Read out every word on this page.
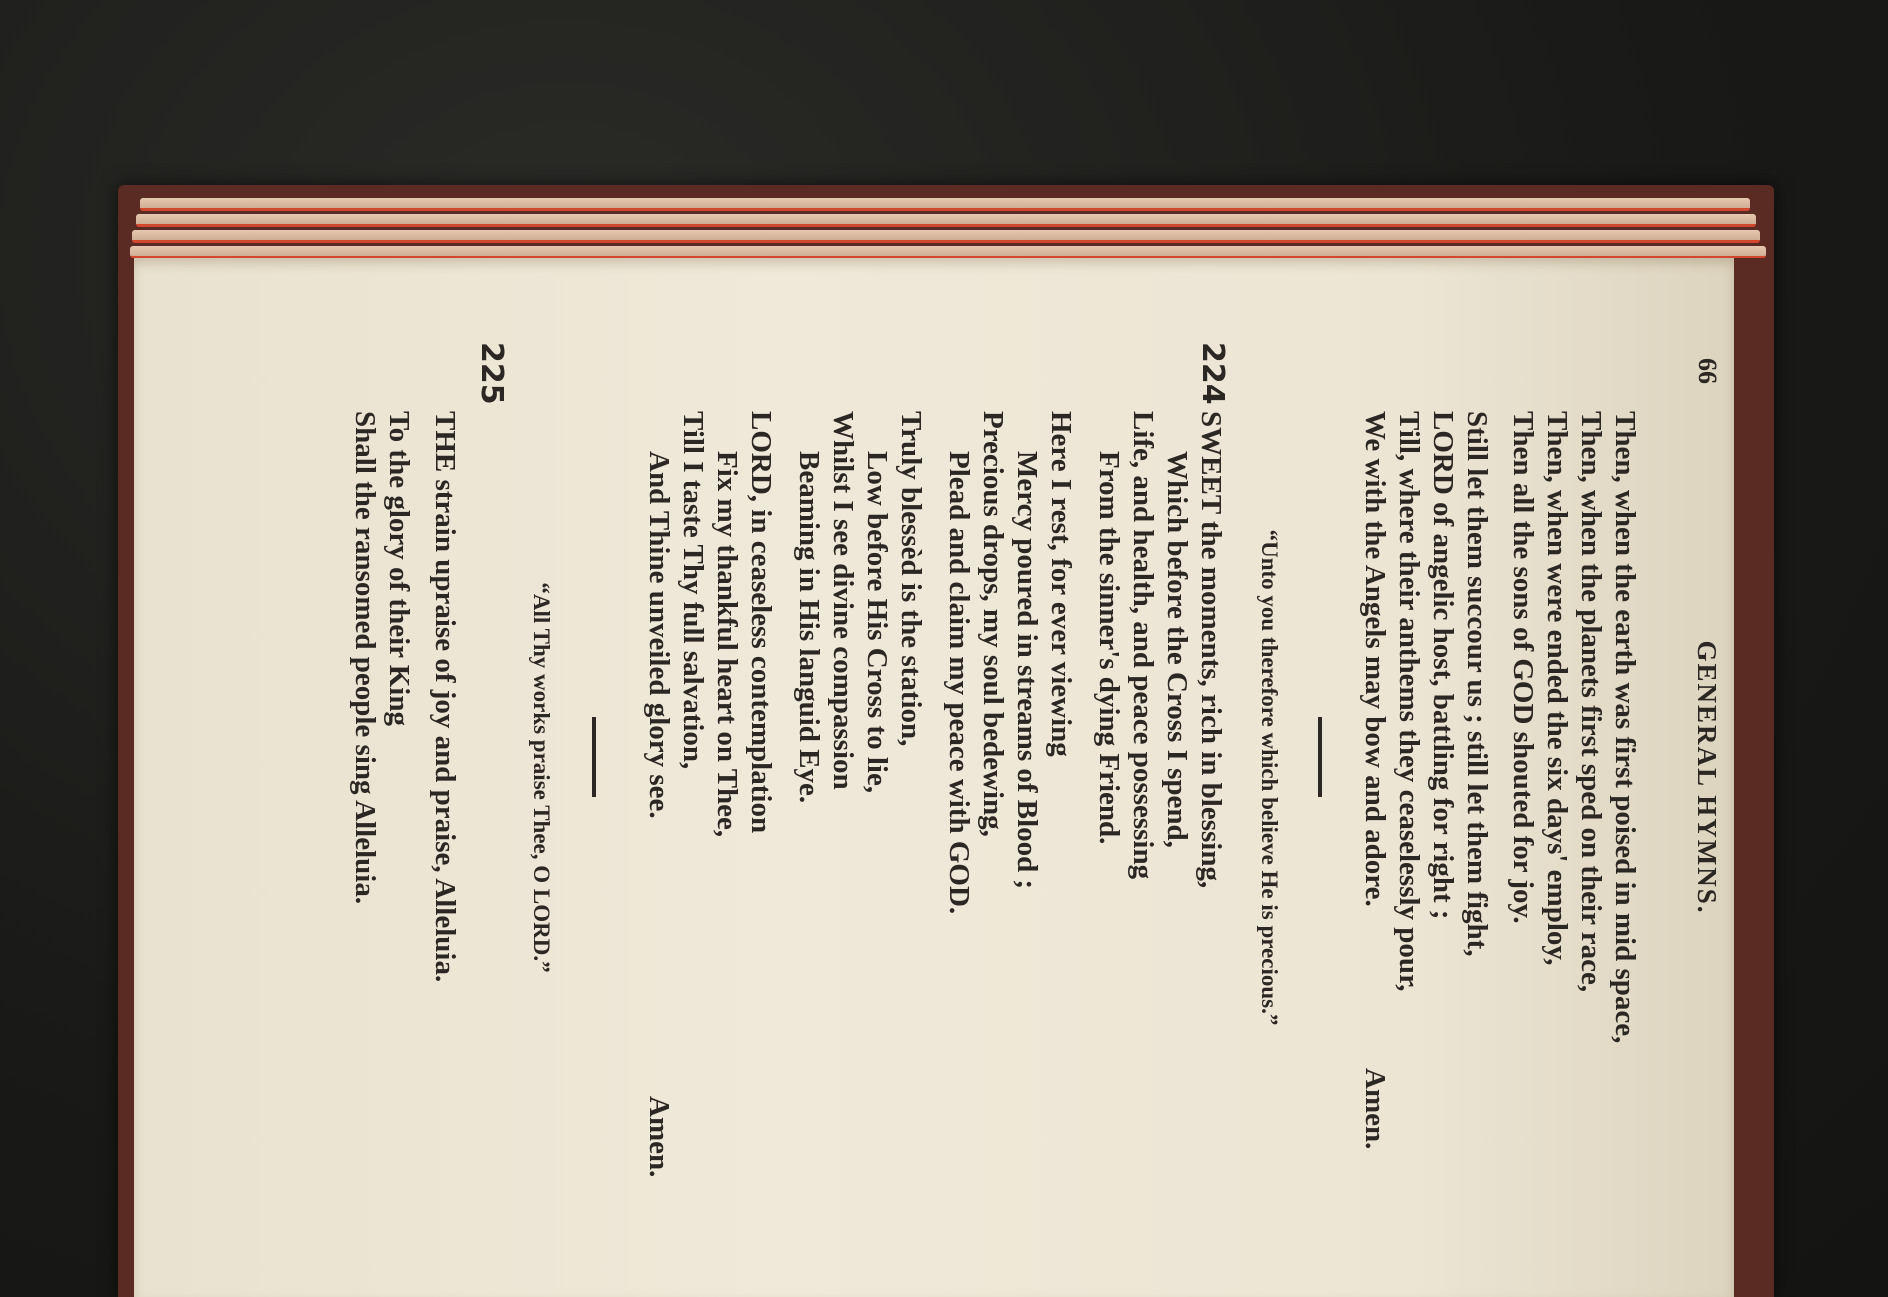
66
GENERAL HYMNS.
Then, when the earth was first poised in mid space,
Then, when the planets first sped on their race,
Then, when were ended the six days' employ,
Then all the sons of GOD shouted for joy.
Still let them succour us ; still let them fight,
LORD of angelic host, battling for right ;
Till, where their anthems they ceaselessly pour,
We with the Angels may bow and adore.
Amen.
“Unto you therefore which believe He is precious.”
224
SWEET the moments, rich in blessing,
Which before the Cross I spend,
Life, and health, and peace possessing
From the sinner's dying Friend.
Here I rest, for ever viewing
Mercy poured in streams of Blood ;
Precious drops, my soul bedewing,
Plead and claim my peace with GOD.
Truly blessèd is the station,
Low before His Cross to lie,
Whilst I see divine compassion
Beaming in His languid Eye.
LORD, in ceaseless contemplation
Fix my thankful heart on Thee,
Till I taste Thy full salvation,
And Thine unveiled glory see.
Amen.
“All Thy works praise Thee, O LORD.”
225
THE strain upraise of joy and praise, Alleluia.
To the glory of their King
Shall the ransomed people sing Alleluia.
